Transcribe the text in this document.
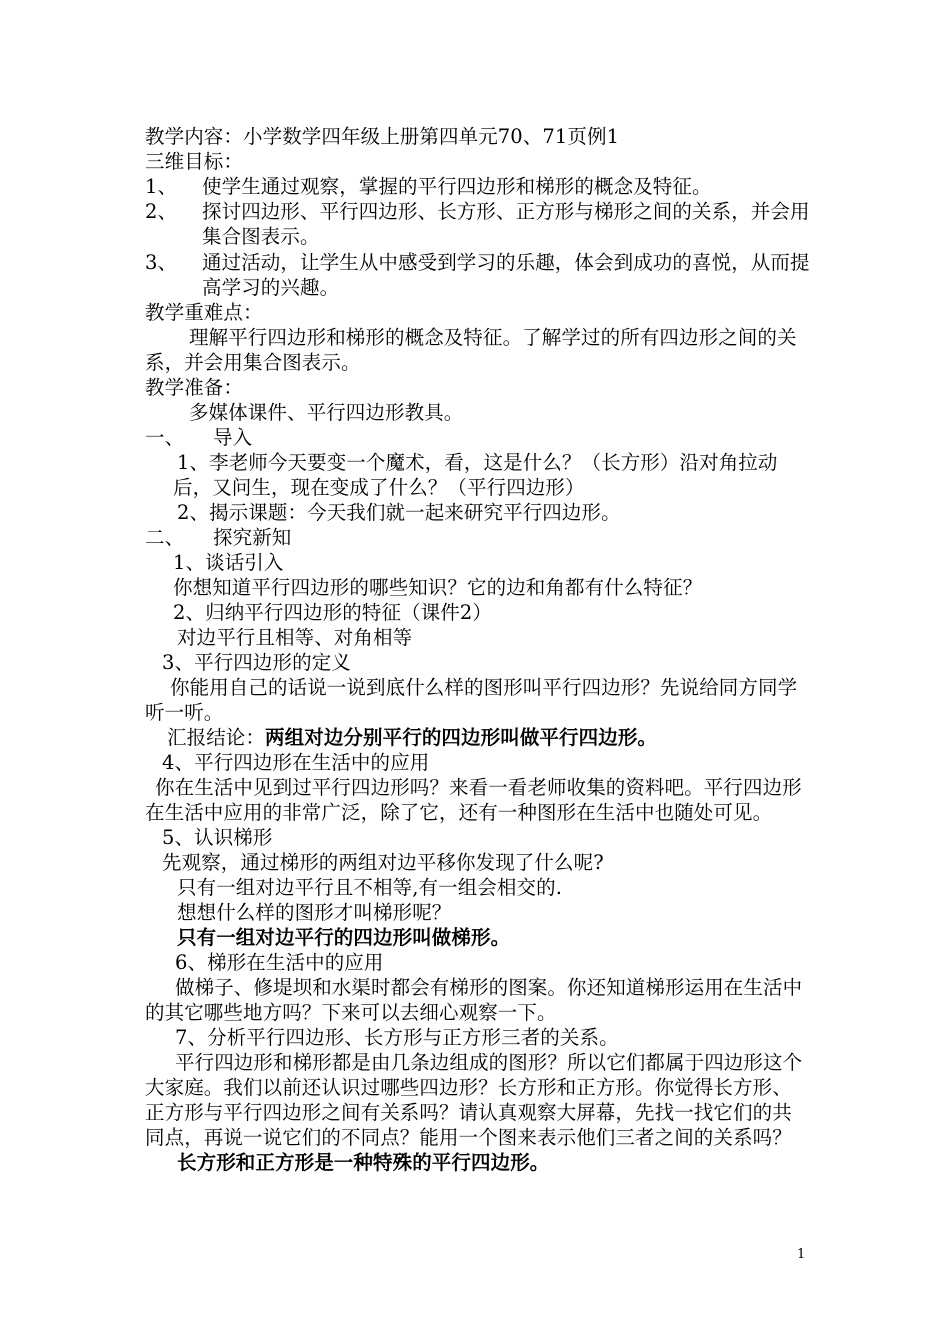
教学内容：小学数学四年级上册第四单元70、71页例1
三维目标：
1、 使学生通过观察，掌握的平行四边形和梯形的概念及特征。
2、 探讨四边形、平行四边形、长方形、正方形与梯形之间的关系，并会用集合图表示。
3、 通过活动，让学生从中感受到学习的乐趣，体会到成功的喜悦，从而提高学习的兴趣。
教学重难点：
理解平行四边形和梯形的概念及特征。了解学过的所有四边形之间的关系，并会用集合图表示。
教学准备：
多媒体课件、平行四边形教具。
一、 导入
1、李老师今天要变一个魔术，看，这是什么？（长方形）沿对角拉动后，又问生，现在变成了什么？（平行四边形）
2、揭示课题：今天我们就一起来研究平行四边形。
二、 探究新知
1、谈话引入
你想知道平行四边形的哪些知识？它的边和角都有什么特征？
2、归纳平行四边形的特征（课件2）
对边平行且相等、对角相等
3、平行四边形的定义
你能用自己的话说一说到底什么样的图形叫平行四边形？先说给同方同学听一听。
汇报结论：两组对边分别平行的四边形叫做平行四边形。
4、平行四边形在生活中的应用
你在生活中见到过平行四边形吗？来看一看老师收集的资料吧。平行四边形在生活中应用的非常广泛，除了它，还有一种图形在生活中也随处可见。
5、认识梯形
先观察，通过梯形的两组对边平移你发现了什么呢?
只有一组对边平行且不相等,有一组会相交的.
想想什么样的图形才叫梯形呢？
只有一组对边平行的四边形叫做梯形。
6、梯形在生活中的应用
做梯子、修堤坝和水渠时都会有梯形的图案。你还知道梯形运用在生活中的其它哪些地方吗？下来可以去细心观察一下。
7、分析平行四边形、长方形与正方形三者的关系。
平行四边形和梯形都是由几条边组成的图形？所以它们都属于四边形这个大家庭。我们以前还认识过哪些四边形？长方形和正方形。你觉得长方形、正方形与平行四边形之间有关系吗？请认真观察大屏幕，先找一找它们的共同点，再说一说它们的不同点？能用一个图来表示他们三者之间的关系吗？
长方形和正方形是一种特殊的平行四边形。
1
